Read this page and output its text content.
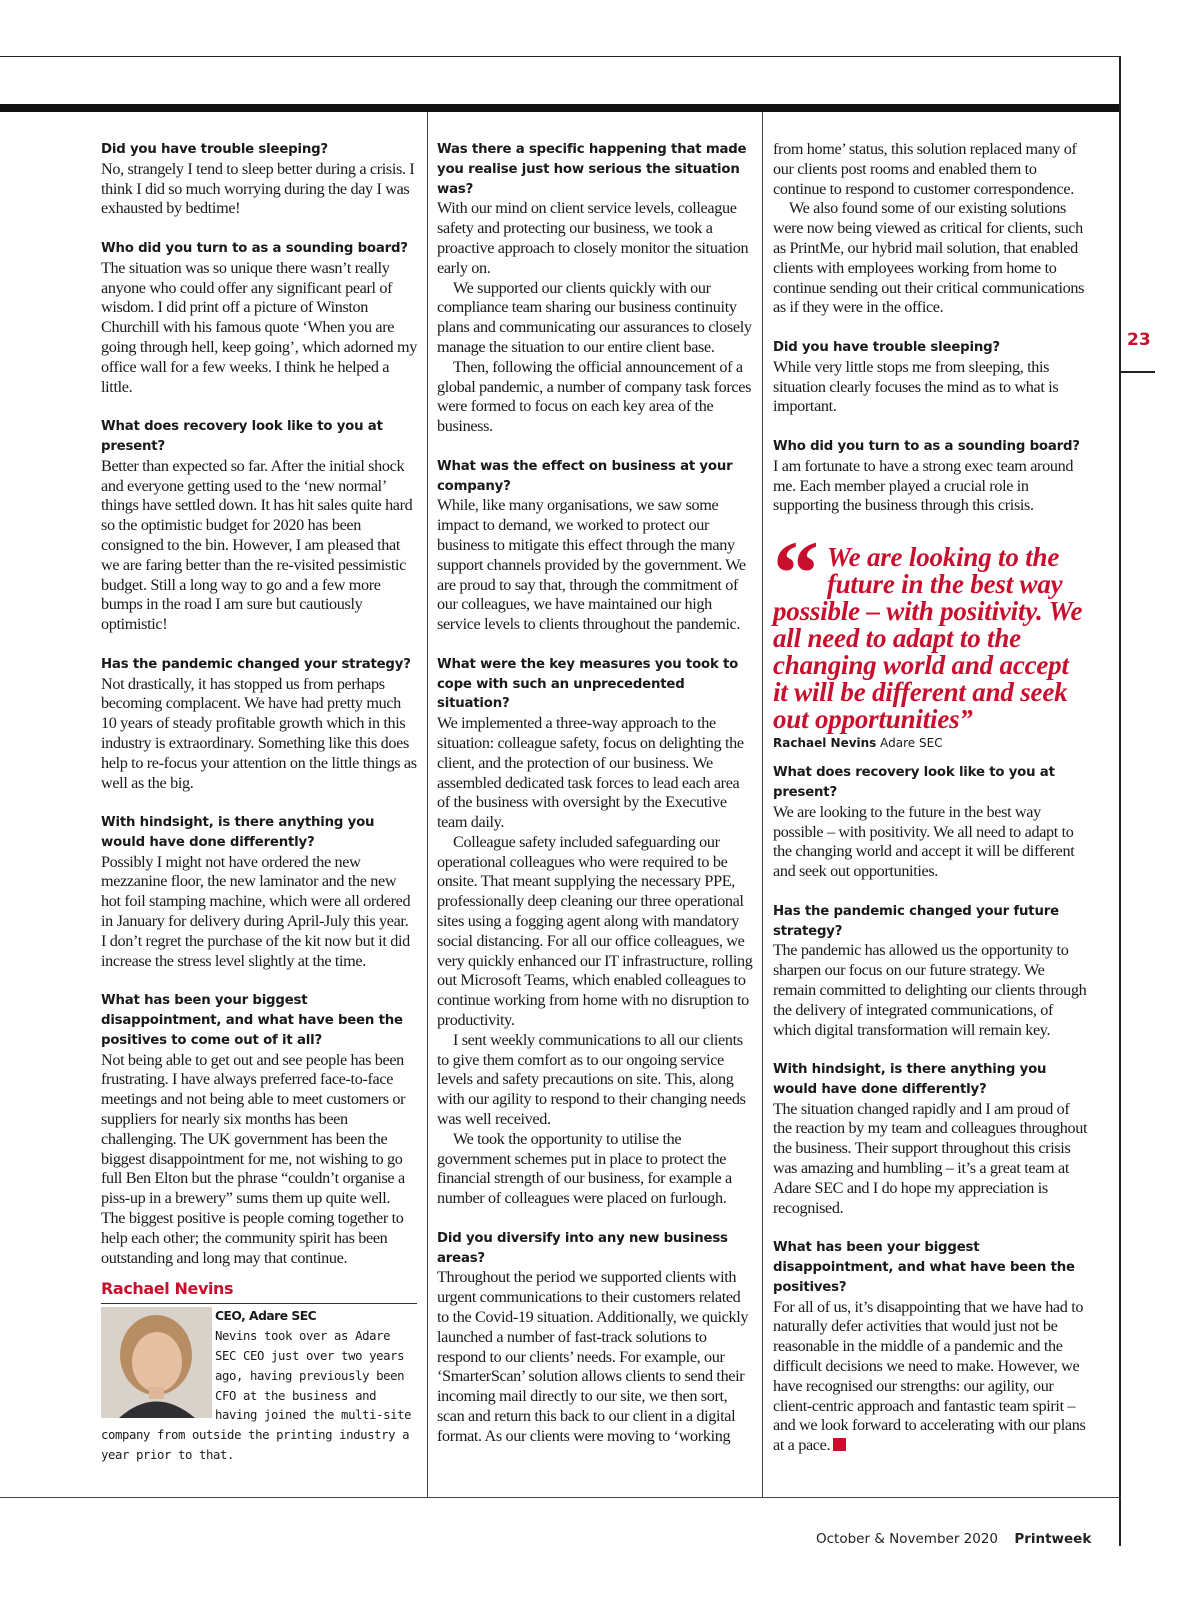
23

Did you have trouble sleeping?

No, strangely I tend to sleep better during a crisis. I think I did so much worrying during the day I was exhausted by bedtime!

Who did you turn to as a sounding board?

The situation was so unique there wasn’t really anyone who could offer any significant pearl of wisdom. I did print off a picture of Winston Churchill with his famous quote ‘When you are going through hell, keep going’, which adorned my office wall for a few weeks. I think he helped a little.

What does recovery look like to you at present?

Better than expected so far. After the initial shock and everyone getting used to the ‘new normal’ things have settled down. It has hit sales quite hard so the optimistic budget for 2020 has been consigned to the bin. However, I am pleased that we are faring better than the re-visited pessimistic budget. Still a long way to go and a few more bumps in the road I am sure but cautiously optimistic!

Has the pandemic changed your strategy?

Not drastically, it has stopped us from perhaps becoming complacent. We have had pretty much 10 years of steady profitable growth which in this industry is extraordinary. Something like this does help to re-focus your attention on the little things as well as the big.

With hindsight, is there anything you would have done differently?

Possibly I might not have ordered the new mezzanine floor, the new laminator and the new hot foil stamping machine, which were all ordered in January for delivery during April-July this year. I don’t regret the purchase of the kit now but it did increase the stress level slightly at the time.

What has been your biggest disappointment, and what have been the positives to come out of it all?

Not being able to get out and see people has been frustrating. I have always preferred face-to-face meetings and not being able to meet customers or suppliers for nearly six months has been challenging. The UK government has been the biggest disappointment for me, not wishing to go full Ben Elton but the phrase “couldn’t organise a piss-up in a brewery” sums them up quite well. The biggest positive is people coming together to help each other; the community spirit has been outstanding and long may that continue.

Rachael Nevins
CEO, Adare SEC
Nevins took over as Adare SEC CEO just over two years ago, having previously been CFO at the business and having joined the multi-site company from outside the printing industry a year prior to that.

Was there a specific happening that made you realise just how serious the situation was?

With our mind on client service levels, colleague safety and protecting our business, we took a proactive approach to closely monitor the situation early on.

We supported our clients quickly with our compliance team sharing our business continuity plans and communicating our assurances to closely manage the situation to our entire client base.

Then, following the official announcement of a global pandemic, a number of company task forces were formed to focus on each key area of the business.

What was the effect on business at your company?

While, like many organisations, we saw some impact to demand, we worked to protect our business to mitigate this effect through the many support channels provided by the government. We are proud to say that, through the commitment of our colleagues, we have maintained our high service levels to clients throughout the pandemic.

What were the key measures you took to cope with such an unprecedented situation?

We implemented a three-way approach to the situation: colleague safety, focus on delighting the client, and the protection of our business. We assembled dedicated task forces to lead each area of the business with oversight by the Executive team daily.

Colleague safety included safeguarding our operational colleagues who were required to be onsite. That meant supplying the necessary PPE, professionally deep cleaning our three operational sites using a fogging agent along with mandatory social distancing. For all our office colleagues, we very quickly enhanced our IT infrastructure, rolling out Microsoft Teams, which enabled colleagues to continue working from home with no disruption to productivity.

I sent weekly communications to all our clients to give them comfort as to our ongoing service levels and safety precautions on site. This, along with our agility to respond to their changing needs was well received.

We took the opportunity to utilise the government schemes put in place to protect the financial strength of our business, for example a number of colleagues were placed on furlough.

Did you diversify into any new business areas?

Throughout the period we supported clients with urgent communications to their customers related to the Covid-19 situation. Additionally, we quickly launched a number of fast-track solutions to respond to our clients’ needs. For example, our ‘SmarterScan’ solution allows clients to send their incoming mail directly to our site, we then sort, scan and return this back to our client in a digital format. As our clients were moving to ‘working

from home’ status, this solution replaced many of our clients post rooms and enabled them to continue to respond to customer correspondence.

We also found some of our existing solutions were now being viewed as critical for clients, such as PrintMe, our hybrid mail solution, that enabled clients with employees working from home to continue sending out their critical communications as if they were in the office.

Did you have trouble sleeping?

While very little stops me from sleeping, this situation clearly focuses the mind as to what is important.

Who did you turn to as a sounding board?

I am fortunate to have a strong exec team around me. Each member played a crucial role in supporting the business through this crisis.

“ We are looking to the future in the best way possible – with positivity. We all need to adapt to the changing world and accept it will be different and seek out opportunities”
Rachael Nevins Adare SEC

What does recovery look like to you at present?

We are looking to the future in the best way possible – with positivity. We all need to adapt to the changing world and accept it will be different and seek out opportunities.

Has the pandemic changed your future strategy?

The pandemic has allowed us the opportunity to sharpen our focus on our future strategy. We remain committed to delighting our clients through the delivery of integrated communications, of which digital transformation will remain key.

With hindsight, is there anything you would have done differently?

The situation changed rapidly and I am proud of the reaction by my team and colleagues throughout the business. Their support throughout this crisis was amazing and humbling – it’s a great team at Adare SEC and I do hope my appreciation is recognised.

What has been your biggest disappointment, and what have been the positives?

For all of us, it’s disappointing that we have had to naturally defer activities that would just not be reasonable in the middle of a pandemic and the difficult decisions we need to make. However, we have recognised our strengths: our agility, our client-centric approach and fantastic team spirit – and we look forward to accelerating with our plans at a pace.

October & November 2020 Printweek
